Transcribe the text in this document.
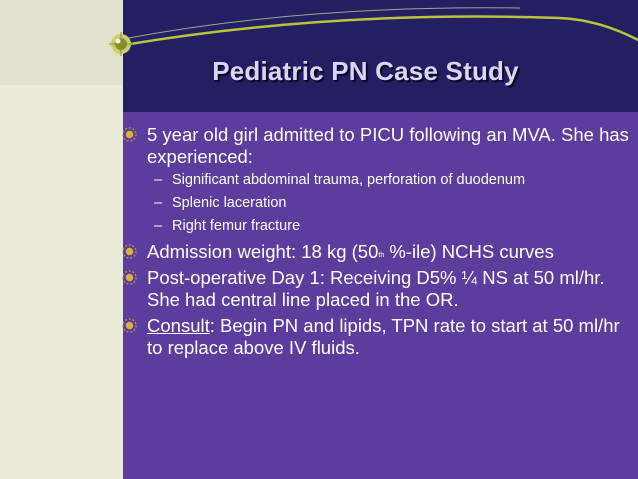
Pediatric PN Case Study
5 year old girl admitted to PICU following an MVA. She has experienced:
– Significant abdominal trauma, perforation of duodenum
– Splenic laceration
– Right femur fracture
Admission weight: 18 kg (50th %-ile) NCHS curves
Post-operative Day 1: Receiving D5% ¼ NS at 50 ml/hr. She had central line placed in the OR.
Consult: Begin PN and lipids, TPN rate to start at 50 ml/hr to replace above IV fluids.
